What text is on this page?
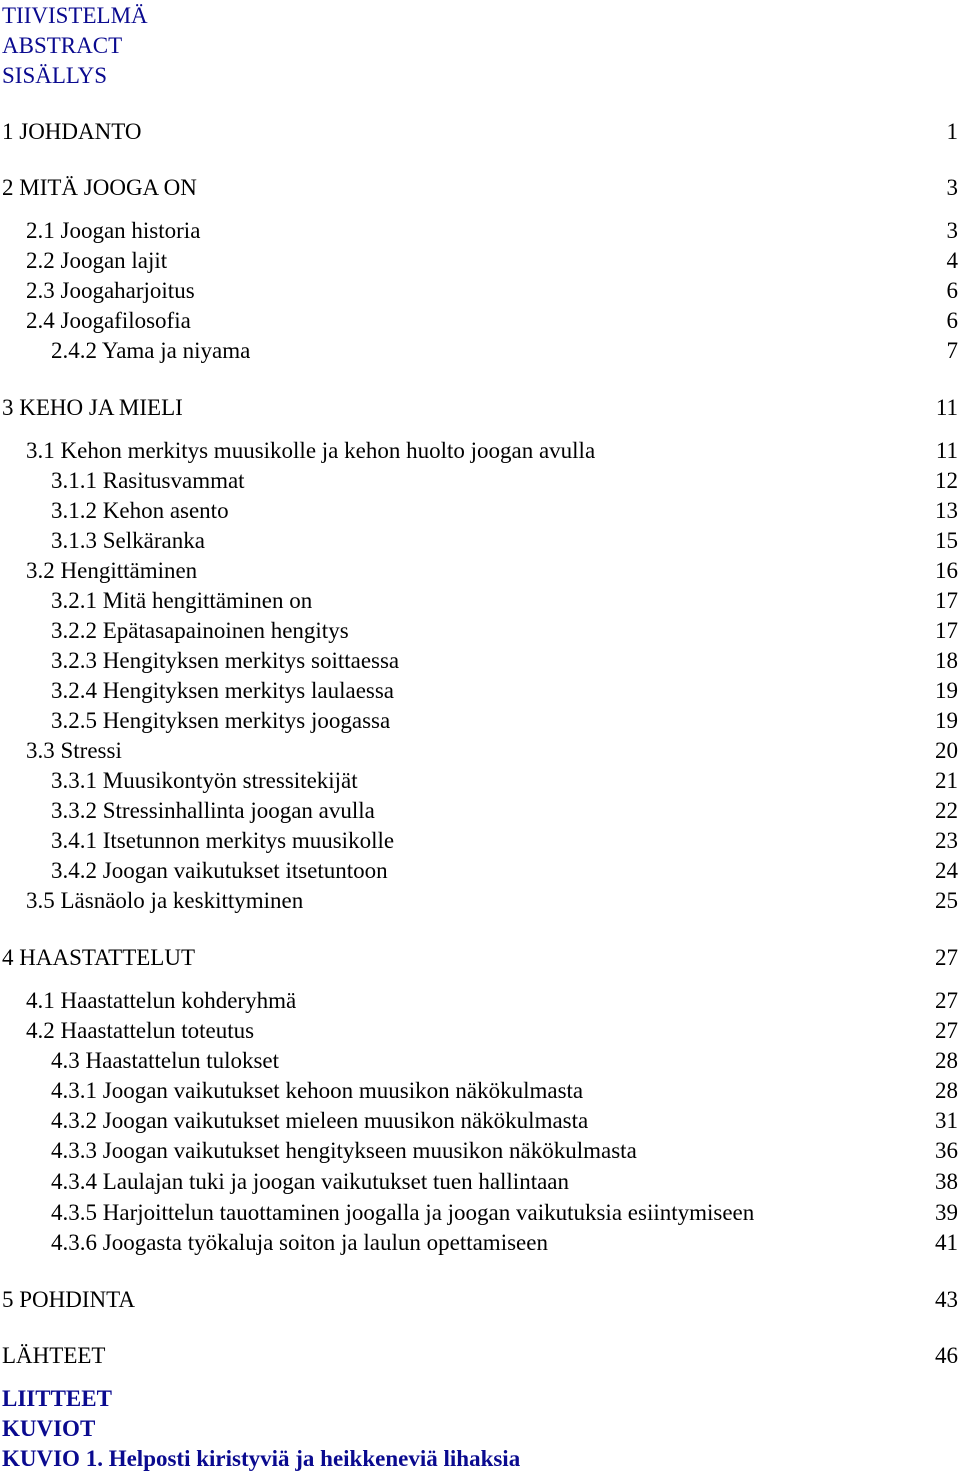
TIIVISTELMÄ
ABSTRACT
SISÄLLYS
1 JOHDANTO	1
2 MITÄ JOOGA ON	3
2.1 Joogan historia	3
2.2 Joogan lajit	4
2.3 Joogaharjoitus	6
2.4 Joogafilosofia	6
2.4.2 Yama ja niyama	7
3 KEHO JA MIELI	11
3.1 Kehon merkitys muusikolle ja kehon huolto joogan avulla	11
3.1.1 Rasitusvammat	12
3.1.2 Kehon asento	13
3.1.3 Selkäranka	15
3.2 Hengittäminen	16
3.2.1 Mitä hengittäminen on	17
3.2.2 Epätasapainoinen hengitys	17
3.2.3 Hengityksen merkitys soittaessa	18
3.2.4 Hengityksen merkitys laulaessa	19
3.2.5 Hengityksen merkitys joogassa	19
3.3 Stressi	20
3.3.1 Muusikontyön stressitekijät	21
3.3.2 Stressinhallinta joogan avulla	22
3.4.1 Itsetunnon merkitys muusikolle	23
3.4.2 Joogan vaikutukset itsetuntoon	24
3.5 Läsnäolo ja keskittyminen	25
4 HAASTATTELUT	27
4.1 Haastattelun kohderyhmä	27
4.2 Haastattelun toteutus	27
4.3 Haastattelun tulokset	28
4.3.1 Joogan vaikutukset kehoon muusikon näkökulmasta	28
4.3.2 Joogan vaikutukset mieleen muusikon näkökulmasta	31
4.3.3 Joogan vaikutukset hengitykseen muusikon näkökulmasta	36
4.3.4 Laulajan tuki ja joogan vaikutukset tuen hallintaan	38
4.3.5 Harjoittelun tauottaminen joogalla ja joogan vaikutuksia esiintymiseen	39
4.3.6 Joogasta työkaluja soiton ja laulun opettamiseen	41
5 POHDINTA	43
LÄHTEET	46
LIITTEET
KUVIOT
KUVIO 1. Helposti kiristyviä ja heikkeneviä lihaksia
